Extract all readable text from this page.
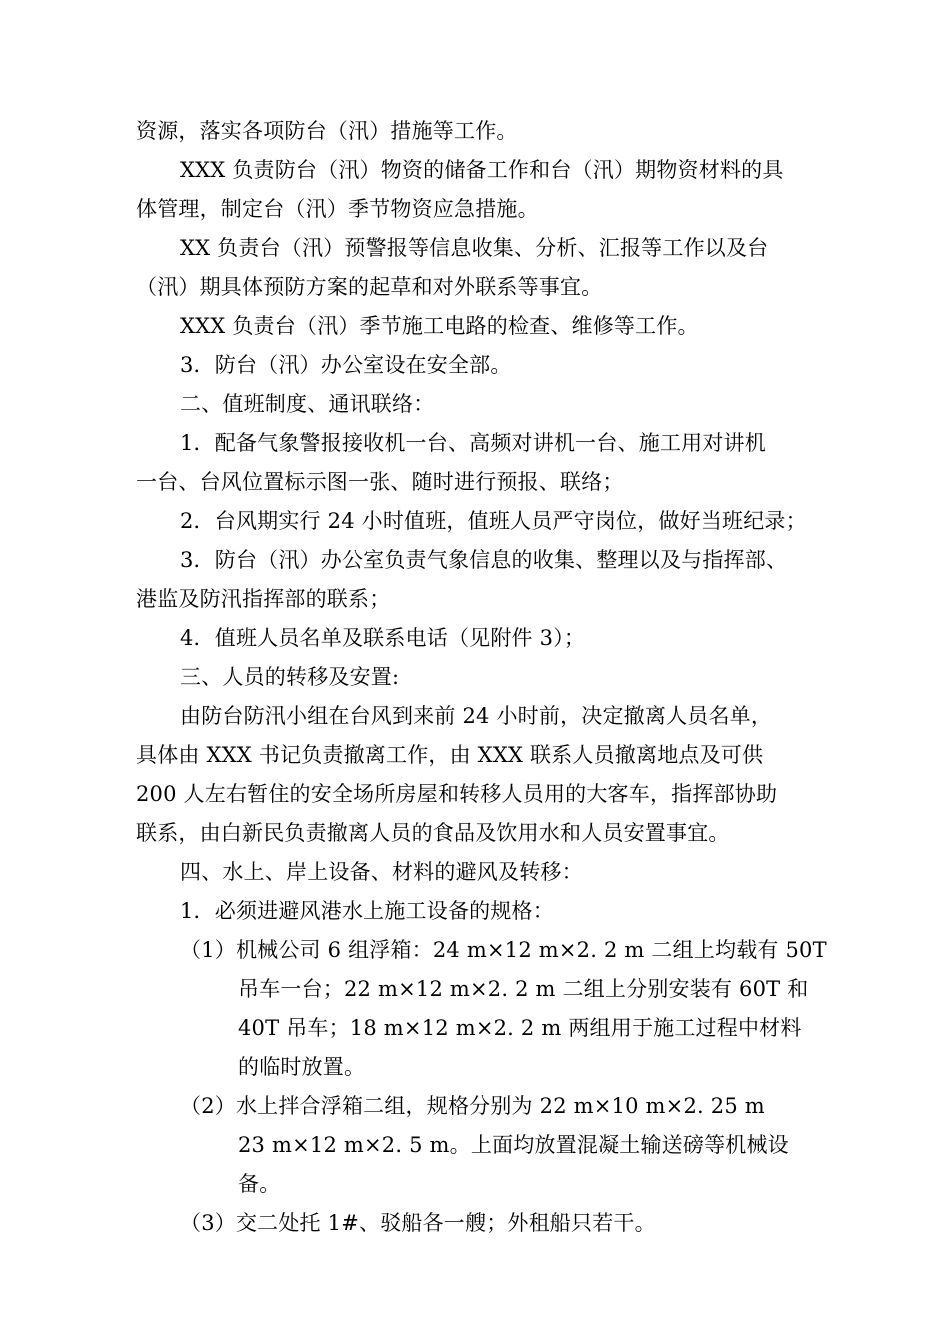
资源，落实各项防台（汛）措施等工作。
XXX 负责防台（汛）物资的储备工作和台（汛）期物资材料的具
体管理，制定台（汛）季节物资应急措施。
XX 负责台（汛）预警报等信息收集、分析、汇报等工作以及台
（汛）期具体预防方案的起草和对外联系等事宜。
XXX 负责台（汛）季节施工电路的检查、维修等工作。
3．防台（汛）办公室设在安全部。
二、值班制度、通讯联络：
1．配备气象警报接收机一台、高频对讲机一台、施工用对讲机
一台、台风位置标示图一张、随时进行预报、联络；
2．台风期实行 24 小时值班，值班人员严守岗位，做好当班纪录；
3．防台（汛）办公室负责气象信息的收集、整理以及与指挥部、
港监及防汛指挥部的联系；
4．值班人员名单及联系电话（见附件 3）；
三、人员的转移及安置:
由防台防汛小组在台风到来前 24 小时前，决定撤离人员名单，
具体由 XXX 书记负责撤离工作，由 XXX 联系人员撤离地点及可供
200 人左右暂住的安全场所房屋和转移人员用的大客车，指挥部协助
联系，由白新民负责撤离人员的食品及饮用水和人员安置事宜。
四、水上、岸上设备、材料的避风及转移：
1．必须进避风港水上施工设备的规格：
（1）机械公司 6 组浮箱：24 m×12 m×2. 2 m 二组上均载有 50T
吊车一台；22 m×12 m×2. 2 m 二组上分别安装有 60T 和
40T 吊车；18 m×12 m×2. 2 m 两组用于施工过程中材料
的临时放置。
（2）水上拌合浮箱二组，规格分别为 22 m×10 m×2. 25 m
23 m×12 m×2. 5 m。上面均放置混凝土输送磅等机械设
备。
（3）交二处托 1#、驳船各一艘；外租船只若干。
